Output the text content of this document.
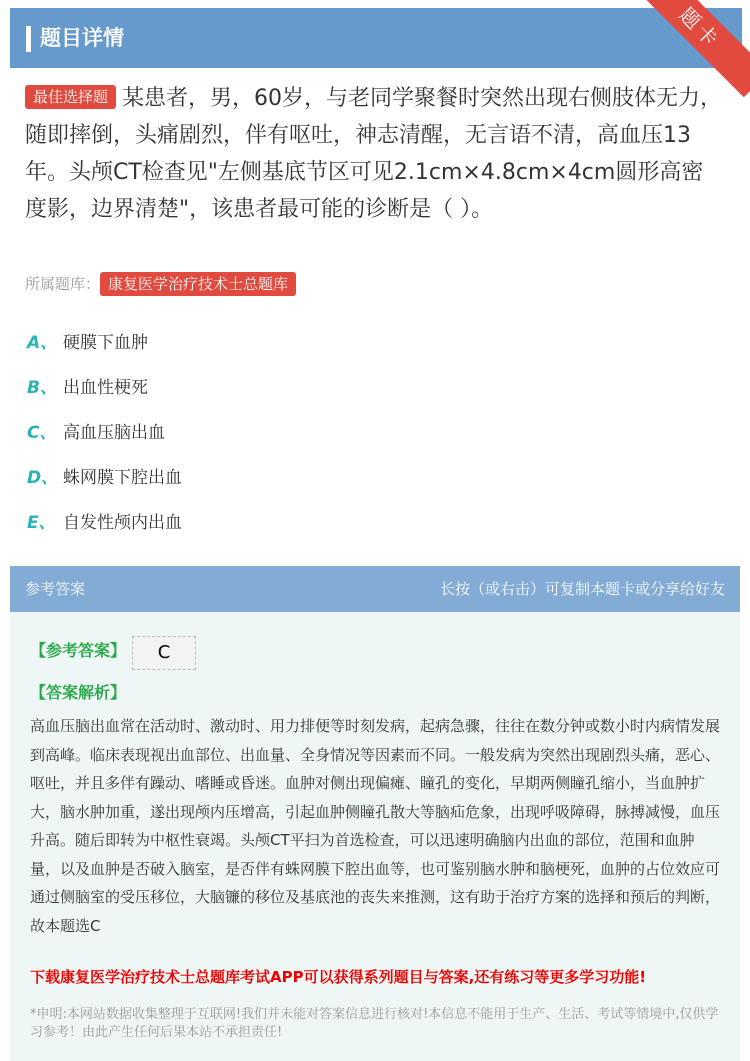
题目详情	题卡
最佳选择题 某患者，男，60岁，与老同学聚餐时突然出现右侧肢体无力，随即摔倒，头痛剧烈，伴有呕吐，神志清醒，无言语不清，高血压13年。头颅CT检查见"左侧基底节区可见2.1cm×4.8cm×4cm圆形高密度影，边界清楚"，该患者最可能的诊断是（ ）。
所属题库： 康复医学治疗技术士总题库
A、 硬膜下血肿
B、 出血性梗死
C、 高血压脑出血
D、 蛛网膜下腔出血
E、 自发性颅内出血
参考答案	长按（或右击）可复制本题卡或分享给好友
【参考答案】	C
【答案解析】
高血压脑出血常在活动时、激动时、用力排便等时刻发病，起病急骤，往往在数分钟或数小时内病情发展到高峰。临床表现视出血部位、出血量、全身情况等因素而不同。一般发病为突然出现剧烈头痛，恶心、呕吐，并且多伴有躁动、嗜睡或昏迷。血肿对侧出现偏瘫、瞳孔的变化，早期两侧瞳孔缩小，当血肿扩大，脑水肿加重，遂出现颅内压增高，引起血肿侧瞳孔散大等脑疝危象，出现呼吸障碍，脉搏减慢，血压升高。随后即转为中枢性衰竭。头颅CT平扫为首选检查，可以迅速明确脑内出血的部位，范围和血肿量，以及血肿是否破入脑室，是否伴有蛛网膜下腔出血等，也可鉴别脑水肿和脑梗死，血肿的占位效应可通过侧脑室的受压移位，大脑镰的移位及基底池的丧失来推测，这有助于治疗方案的选择和预后的判断，故本题选C
下载康复医学治疗技术士总题库考试APP可以获得系列题目与答案,还有练习等更多学习功能!
*申明:本网站数据收集整理于互联网!我们并未能对答案信息进行核对!本信息不能用于生产、生活、考试等情境中,仅供学习参考！由此产生任何后果本站不承担责任!
